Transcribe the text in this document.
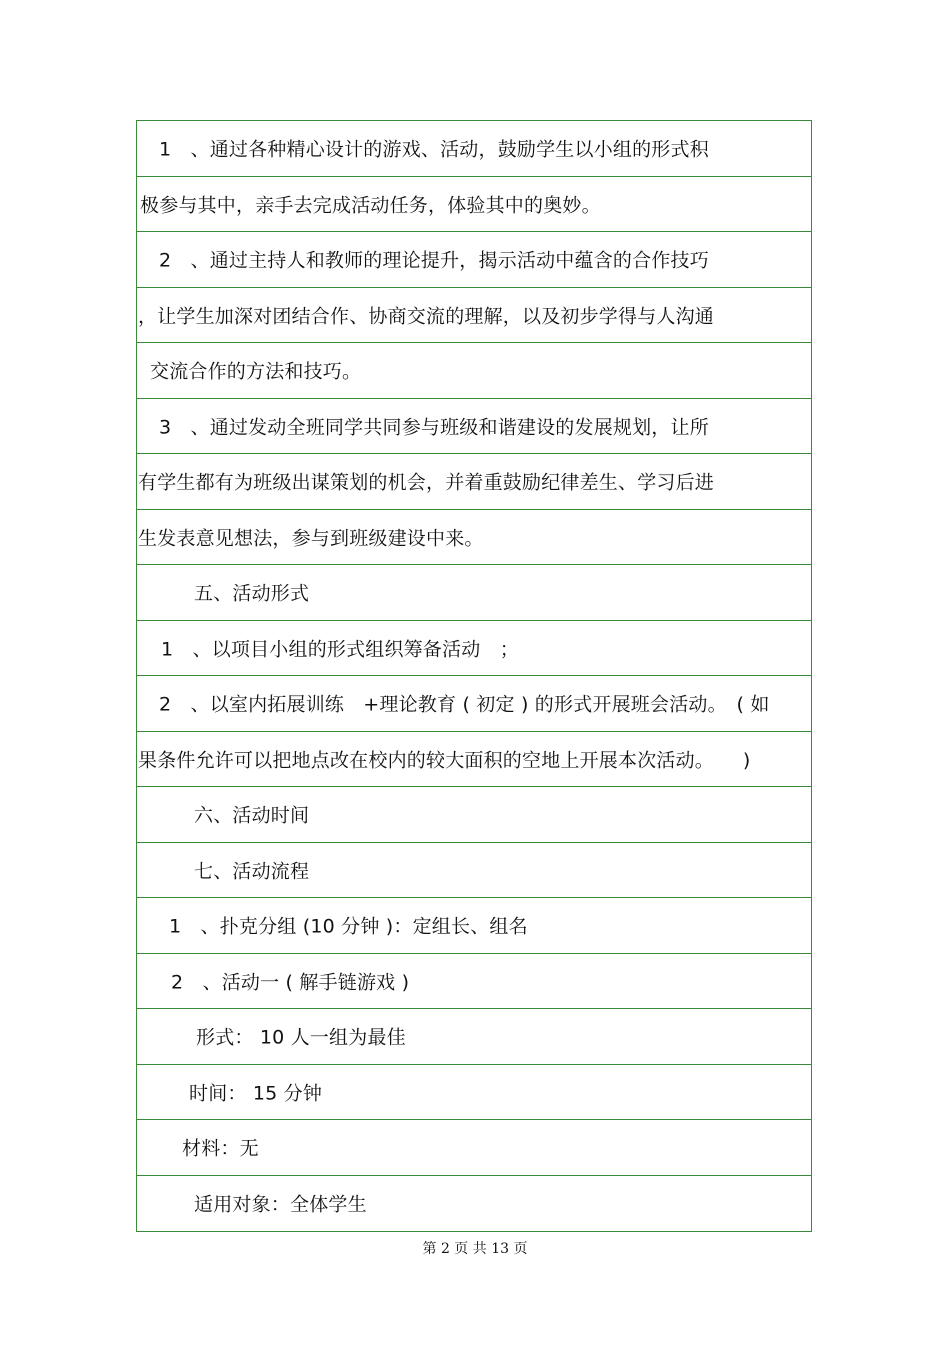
1　、通过各种精心设计的游戏、活动，鼓励学生以小组的形式积
极参与其中，亲手去完成活动任务，体验其中的奥妙。
2　、通过主持人和教师的理论提升，揭示活动中蕴含的合作技巧
，让学生加深对团结合作、协商交流的理解，以及初步学得与人沟通
交流合作的方法和技巧。
3　、通过发动全班同学共同参与班级和谐建设的发展规划，让所
有学生都有为班级出谋策划的机会，并着重鼓励纪律差生、学习后进
生发表意见想法，参与到班级建设中来。
五、活动形式
1　、以项目小组的形式组织筹备活动　；
2　、以室内拓展训练　+理论教育 ( 初定 ) 的形式开展班会活动。　( 如
果条件允许可以把地点改在校内的较大面积的空地上开展本次活动。　　)
六、活动时间
七、活动流程
1　、扑克分组 (10 分钟 )：定组长、组名
2　、活动一 ( 解手链游戏 )
形式： 10 人一组为最佳
时间： 15 分钟
材料：无
适用对象：全体学生
第 2 页 共 13 页
